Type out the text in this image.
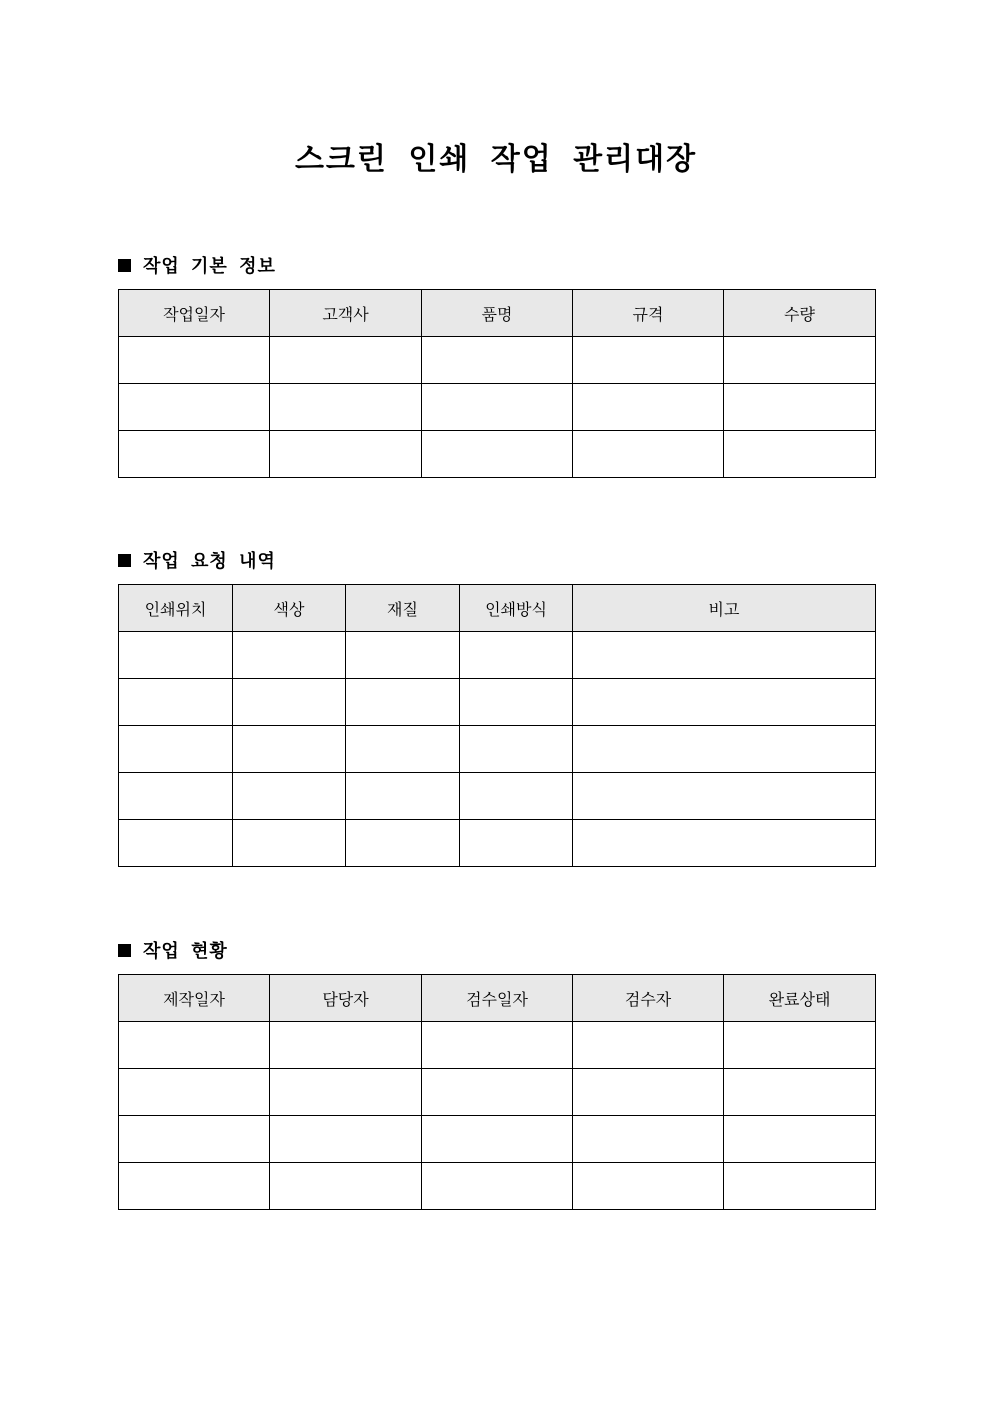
스크린 인쇄 작업 관리대장
작업 기본 정보
작업일자	고객사	품명	규격	수량

작업 요청 내역
인쇄위치	색상	재질	인쇄방식	비고

작업 현황
제작일자	담당자	검수일자	검수자	완료상태
